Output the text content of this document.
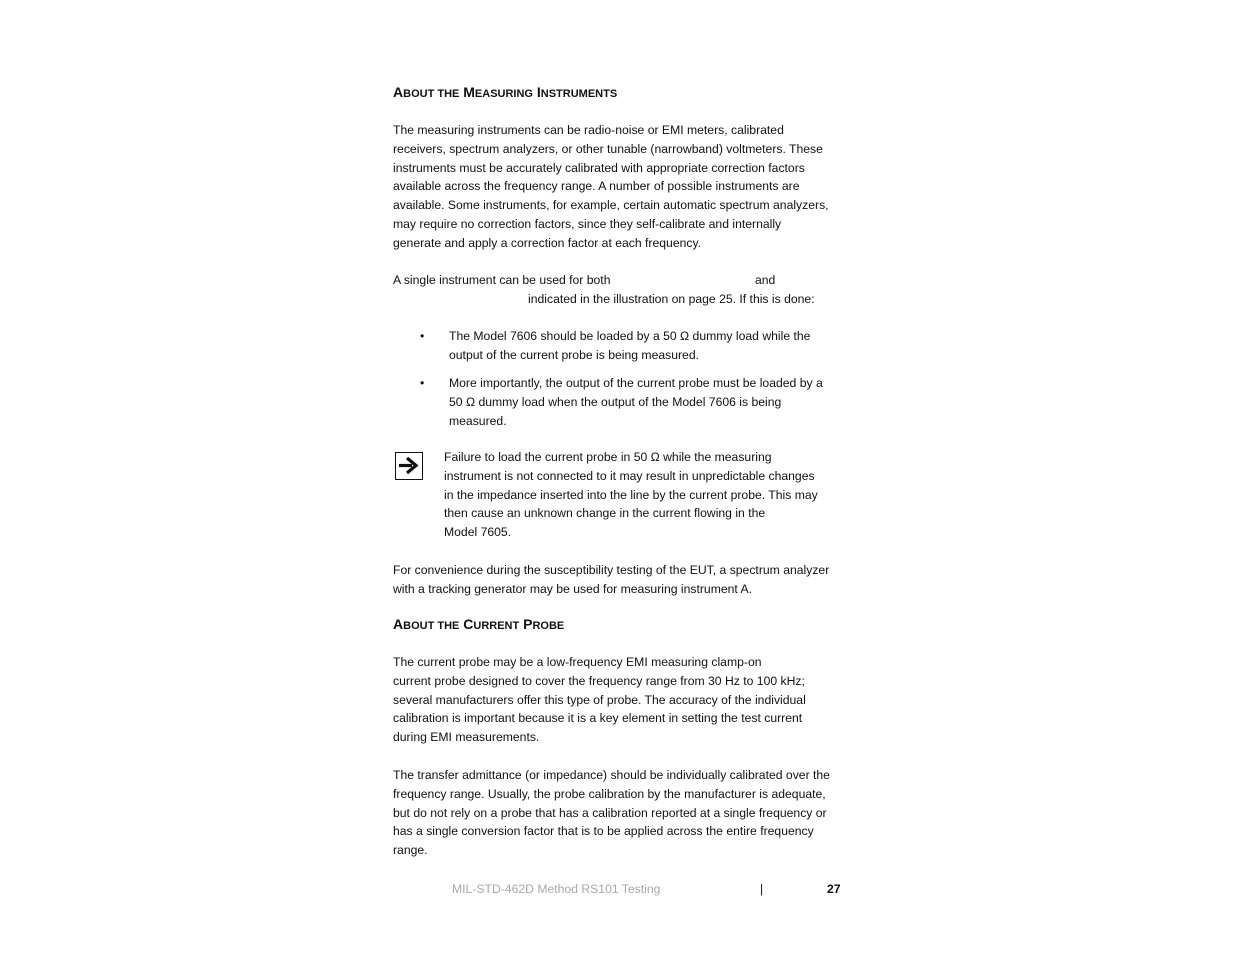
ABOUT THE MEASURING INSTRUMENTS

The measuring instruments can be radio-noise or EMI meters, calibrated
receivers, spectrum analyzers, or other tunable (narrowband) voltmeters. These
instruments must be accurately calibrated with appropriate correction factors
available across the frequency range. A number of possible instruments are
available. Some instruments, for example, certain automatic spectrum analyzers,
may require no correction factors, since they self-calibrate and internally
generate and apply a correction factor at each frequency.

A single instrument can be used for both	and
indicated in the illustration on page 25. If this is done:

• The Model 7606 should be loaded by a 50 Ω dummy load while the
output of the current probe is being measured.
• More importantly, the output of the current probe must be loaded by a
50 Ω dummy load when the output of the Model 7606 is being
measured.
Failure to load the current probe in 50 Ω while the measuring
instrument is not connected to it may result in unpredictable changes
in the impedance inserted into the line by the current probe. This may
then cause an unknown change in the current flowing in the
Model 7605.

For convenience during the susceptibility testing of the EUT, a spectrum analyzer
with a tracking generator may be used for measuring instrument A.

ABOUT THE CURRENT PROBE

The current probe may be a low-frequency EMI measuring clamp-on
current probe designed to cover the frequency range from 30 Hz to 100 kHz;
several manufacturers offer this type of probe. The accuracy of the individual
calibration is important because it is a key element in setting the test current
during EMI measurements.

The transfer admittance (or impedance) should be individually calibrated over the
frequency range. Usually, the probe calibration by the manufacturer is adequate,
but do not rely on a probe that has a calibration reported at a single frequency or
has a single conversion factor that is to be applied across the entire frequency
range.

MIL-STD-462D Method RS101 Testing	|	27
